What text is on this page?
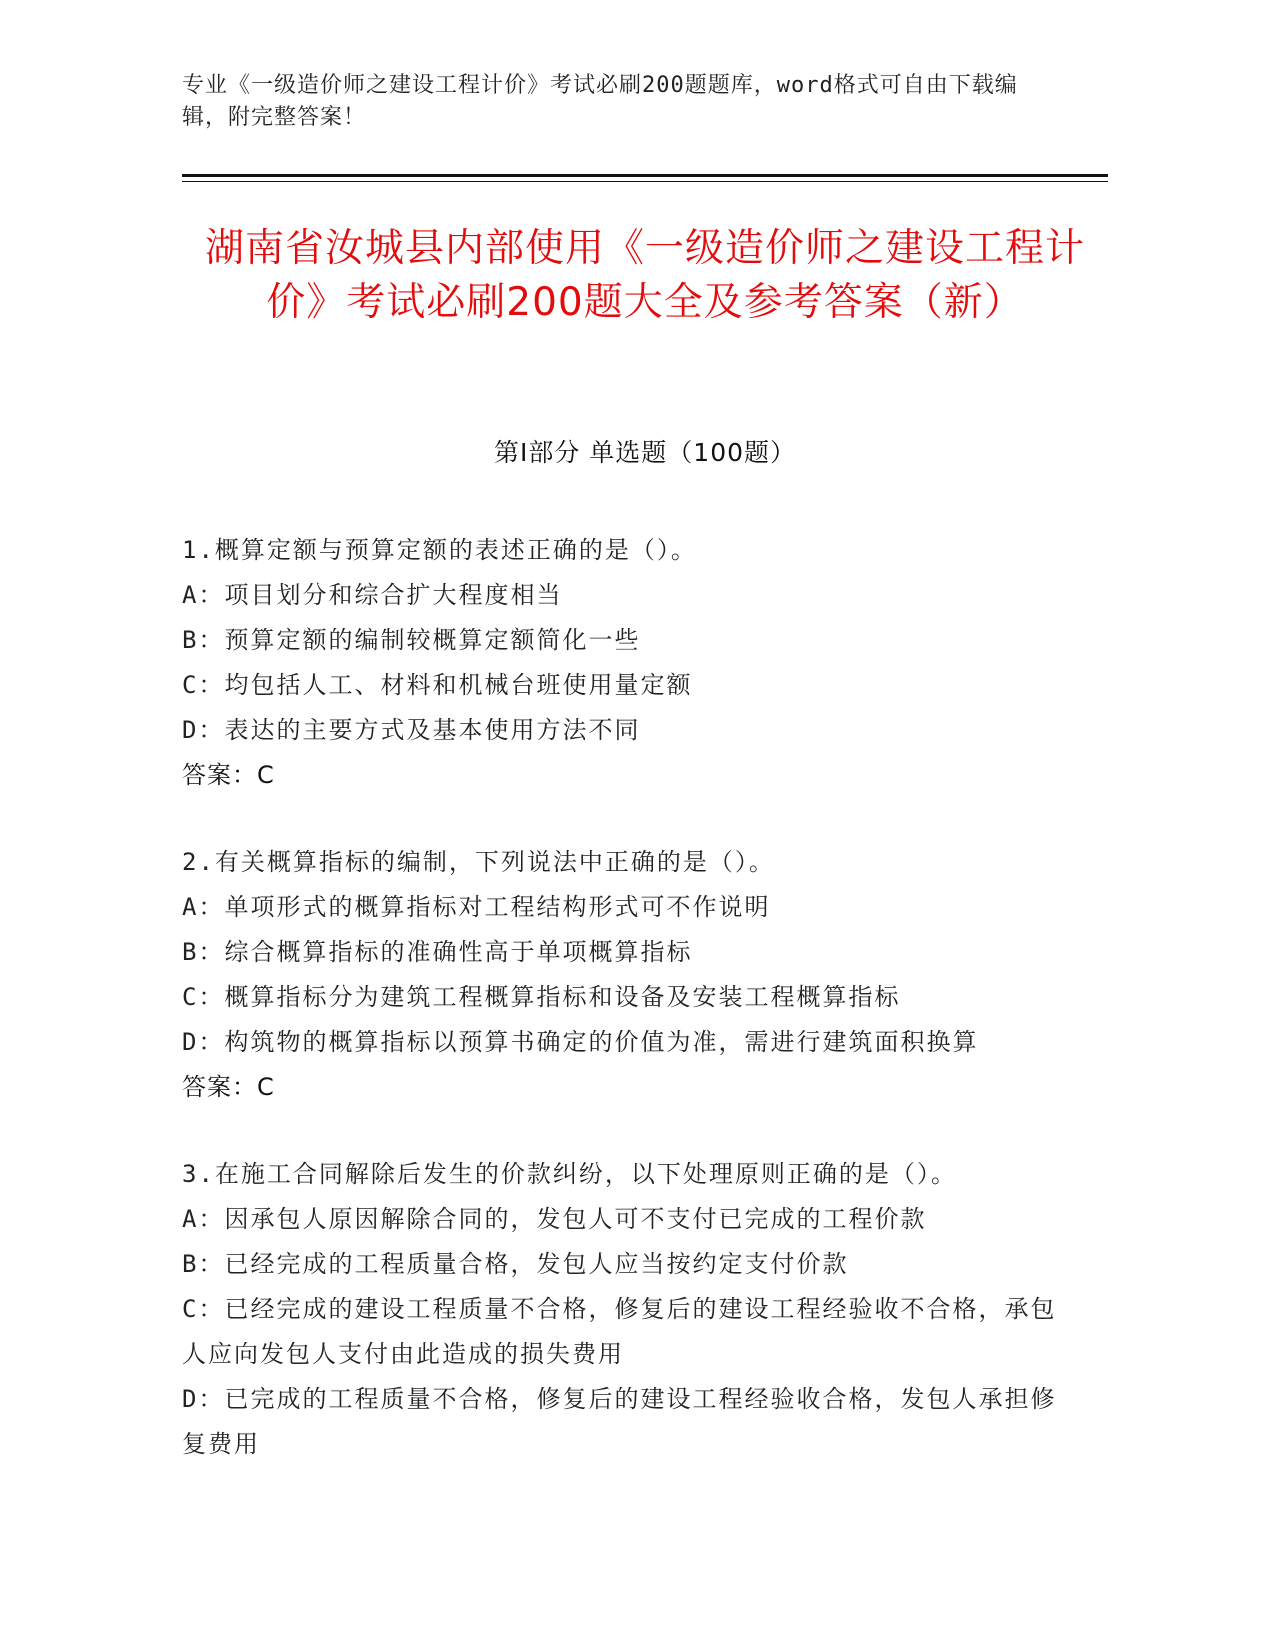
专业《一级造价师之建设工程计价》考试必刷200题题库，word格式可自由下载编辑，附完整答案！
湖南省汝城县内部使用《一级造价师之建设工程计价》考试必刷200题大全及参考答案（新）
第Ⅰ部分 单选题（100题）
1.概算定额与预算定额的表述正确的是（）。
A：项目划分和综合扩大程度相当
B：预算定额的编制较概算定额简化一些
C：均包括人工、材料和机械台班使用量定额
D：表达的主要方式及基本使用方法不同
答案：C
2.有关概算指标的编制，下列说法中正确的是（）。
A：单项形式的概算指标对工程结构形式可不作说明
B：综合概算指标的准确性高于单项概算指标
C：概算指标分为建筑工程概算指标和设备及安装工程概算指标
D：构筑物的概算指标以预算书确定的价值为准，需进行建筑面积换算
答案：C
3.在施工合同解除后发生的价款纠纷，以下处理原则正确的是（）。
A：因承包人原因解除合同的，发包人可不支付已完成的工程价款
B：已经完成的工程质量合格，发包人应当按约定支付价款
C：已经完成的建设工程质量不合格，修复后的建设工程经验收不合格，承包人应向发包人支付由此造成的损失费用
D：已完成的工程质量不合格，修复后的建设工程经验收合格，发包人承担修复费用
